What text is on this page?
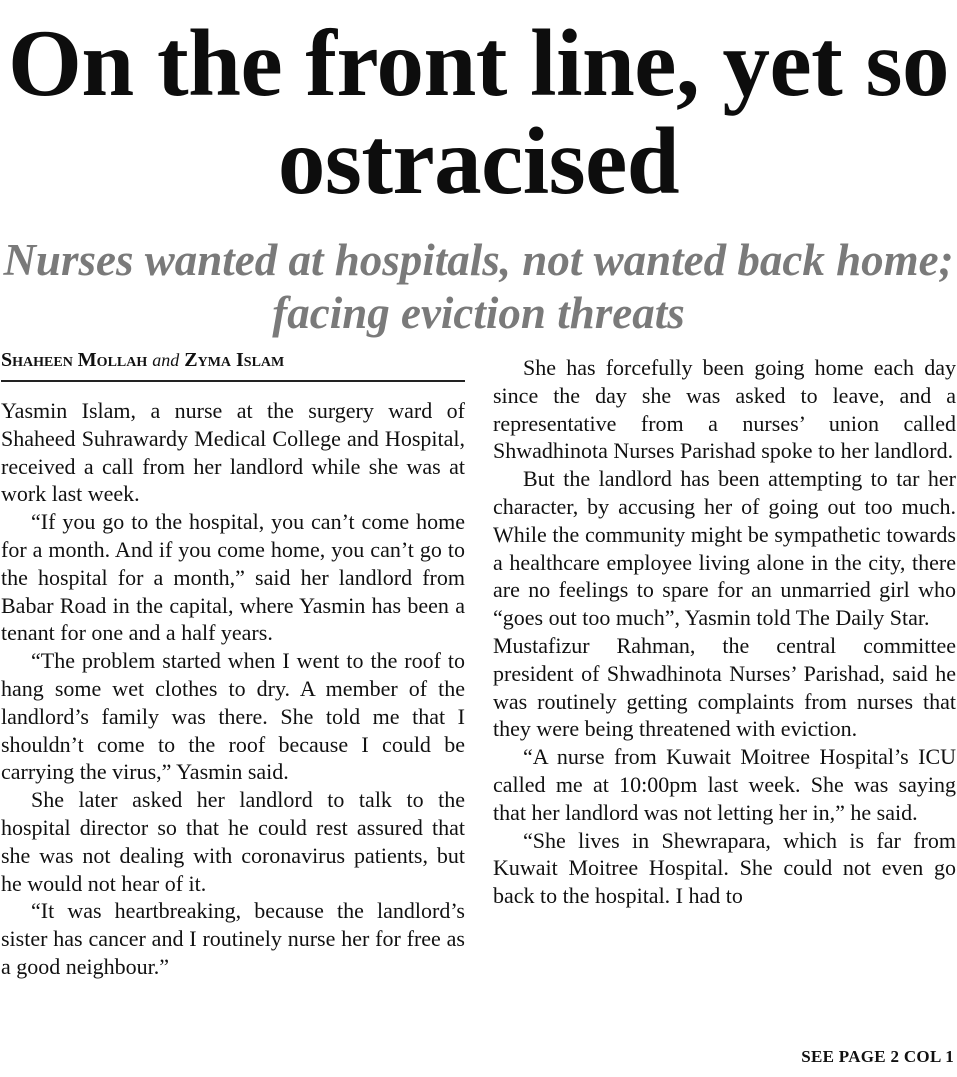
On the front line, yet so ostracised
Nurses wanted at hospitals, not wanted back home; facing eviction threats
Shaheen Mollah and Zyma Islam

Yasmin Islam, a nurse at the surgery ward of Shaheed Suhrawardy Medical College and Hospital, received a call from her landlord while she was at work last week.

“If you go to the hospital, you can’t come home for a month. And if you come home, you can’t go to the hospital for a month,” said her landlord from Babar Road in the capital, where Yasmin has been a tenant for one and a half years.

“The problem started when I went to the roof to hang some wet clothes to dry. A member of the landlord’s family was there. She told me that I shouldn’t come to the roof because I could be carrying the virus,” Yasmin said.

She later asked her landlord to talk to the hospital director so that he could rest assured that she was not dealing with coronavirus patients, but he would not hear of it.

“It was heartbreaking, because the landlord’s sister has cancer and I routinely nurse her for free as a good neighbour.”

She has forcefully been going home each day since the day she was asked to leave, and a representative from a nurses’ union called Shwadhinota Nurses Parishad spoke to her landlord.

But the landlord has been attempting to tar her character, by accusing her of going out too much. While the community might be sympathetic towards a healthcare employee living alone in the city, there are no feelings to spare for an unmarried girl who “goes out too much”, Yasmin told The Daily Star.

Mustafizur Rahman, the central committee president of Shwadhinota Nurses’ Parishad, said he was routinely getting complaints from nurses that they were being threatened with eviction.

“A nurse from Kuwait Moitree Hospital’s ICU called me at 10:00pm last week. She was saying that her landlord was not letting her in,” he said.

“She lives in Shewrapara, which is far from Kuwait Moitree Hospital. She could not even go back to the hospital. I had to

SEE PAGE 2 COL 1
